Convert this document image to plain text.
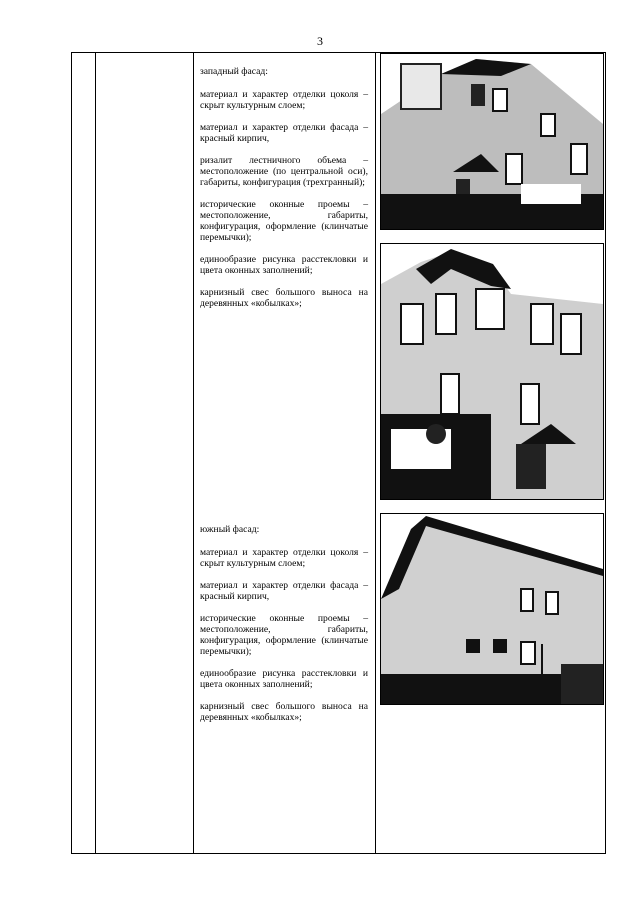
3

западный фасад:

материал и характер отделки цоколя – скрыт культурным слоем;

материал и характер отделки фасада – красный кирпич,

ризалит лестничного объема – местоположение (по центральной оси), габариты, конфигурация (трехгранный);

исторические оконные проемы – местоположение, габариты, конфигурация, оформление (клинчатые перемычки);

единообразие рисунка расстекловки и цвета оконных заполнений;

карнизный свес большого выноса на деревянных «кобылках»;

южный фасад:

материал и характер отделки цоколя – скрыт культурным слоем;

материал и характер отделки фасада – красный кирпич,

исторические оконные проемы – местоположение, габариты, конфигурация, оформление (клинчатые перемычки);

единообразие рисунка расстекловки и цвета оконных заполнений;

карнизный свес большого выноса на деревянных «кобылках»;
